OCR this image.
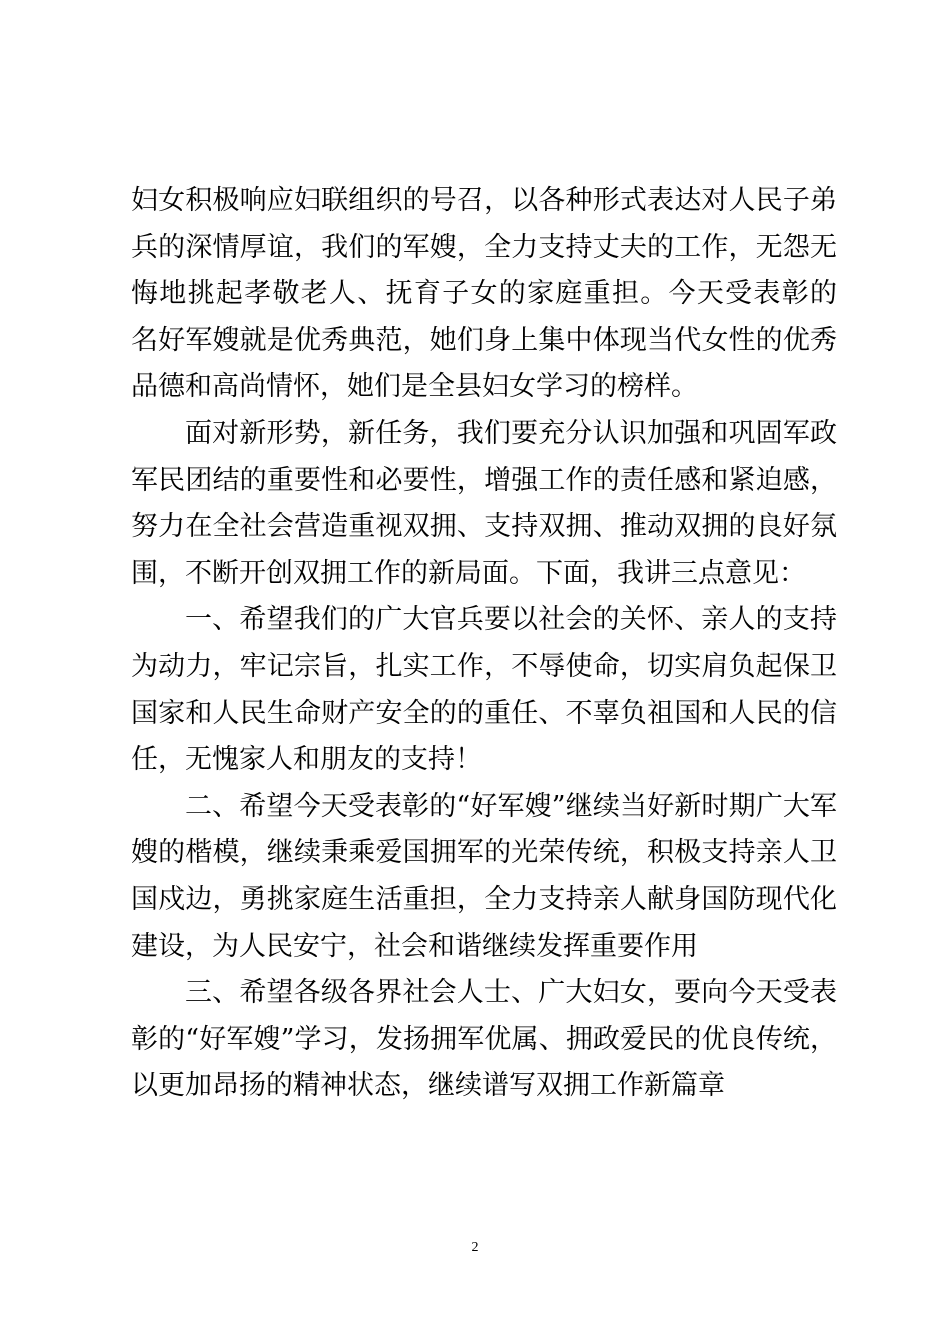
妇女积极响应妇联组织的号召，以各种形式表达对人民子弟兵的深情厚谊，我们的军嫂，全力支持丈夫的工作，无怨无悔地挑起孝敬老人、抚育子女的家庭重担。今天受表彰的    名好军嫂就是优秀典范，她们身上集中体现当代女性的优秀品德和高尚情怀，她们是全县妇女学习的榜样。

面对新形势，新任务，我们要充分认识加强和巩固军政军民团结的重要性和必要性，增强工作的责任感和紧迫感，努力在全社会营造重视双拥、支持双拥、推动双拥的良好氛围，不断开创双拥工作的新局面。下面，我讲三点意见：

一、希望我们的广大官兵要以社会的关怀、亲人的支持为动力，牢记宗旨，扎实工作，不辱使命，切实肩负起保卫国家和人民生命财产安全的的重任、不辜负祖国和人民的信任，无愧家人和朋友的支持！

二、希望今天受表彰的“好军嫂”继续当好新时期广大军嫂的楷模，继续秉乘爱国拥军的光荣传统，积极支持亲人卫国戍边，勇挑家庭生活重担，全力支持亲人献身国防现代化建设，为人民安宁，社会和谐继续发挥重要作用

三、希望各级各界社会人士、广大妇女，要向今天受表彰的“好军嫂”学习，发扬拥军优属、拥政爱民的优良传统，以更加昂扬的精神状态，继续谱写双拥工作新篇章

2
